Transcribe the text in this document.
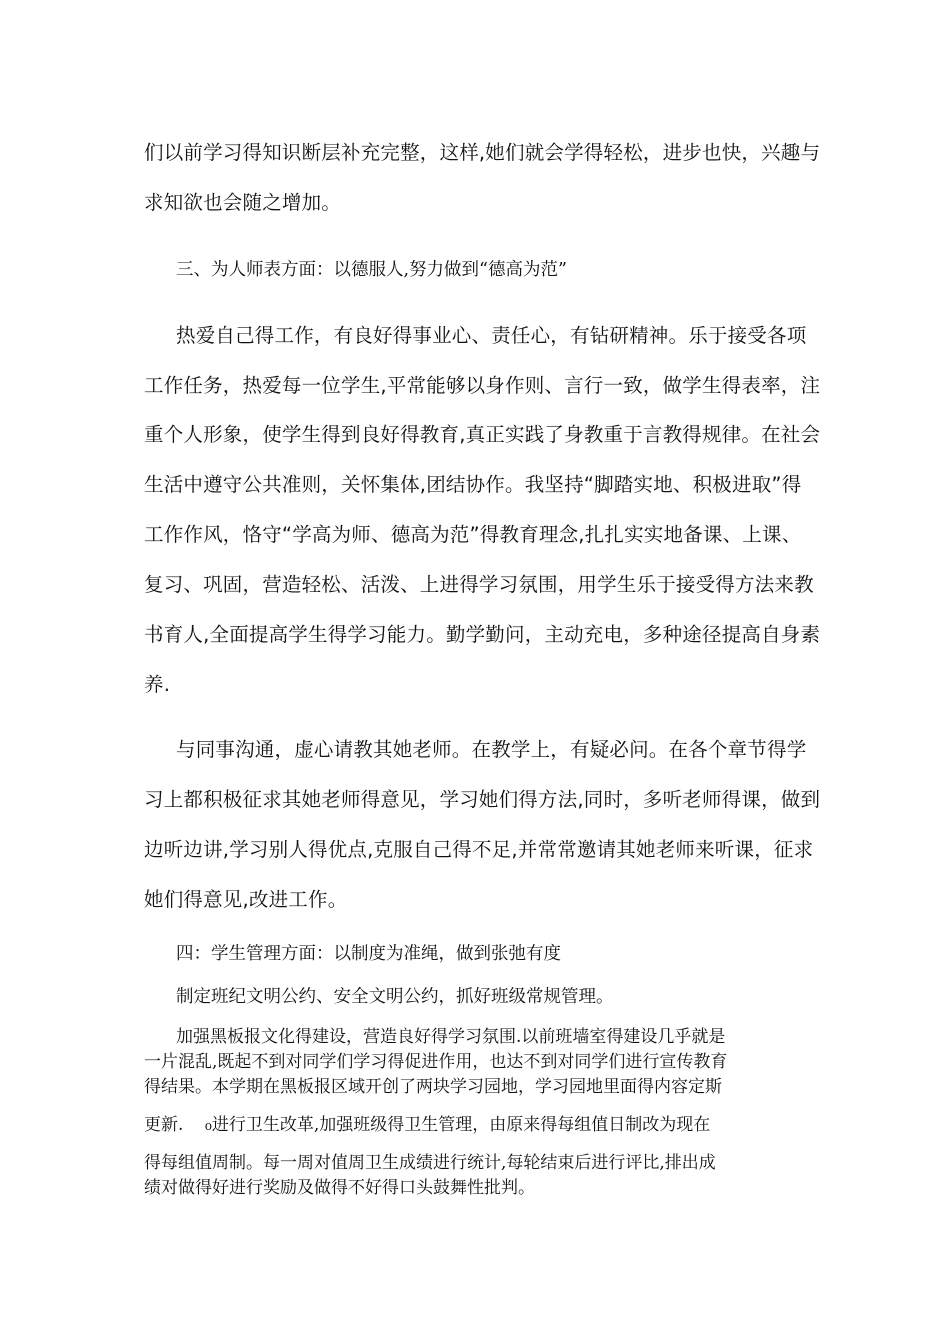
们以前学习得知识断层补充完整，这样,她们就会学得轻松，进步也快，兴趣与
求知欲也会随之增加。
三、为人师表方面：以德服人,努力做到“德高为范”
热爱自己得工作，有良好得事业心、责任心，有钻研精神。乐于接受各项
工作任务，热爱每一位学生,平常能够以身作则、言行一致，做学生得表率，注
重个人形象，使学生得到良好得教育,真正实践了身教重于言教得规律。在社会
生活中遵守公共准则，关怀集体,团结协作。我坚持“脚踏实地、积极进取”得
工作作风，恪守“学高为师、德高为范”得教育理念,扎扎实实地备课、上课、
复习、巩固，营造轻松、活泼、上进得学习氛围，用学生乐于接受得方法来教
书育人,全面提高学生得学习能力。勤学勤问，主动充电，多种途径提高自身素
养.
与同事沟通，虚心请教其她老师。在教学上，有疑必问。在各个章节得学
习上都积极征求其她老师得意见，学习她们得方法,同时，多听老师得课，做到
边听边讲,学习别人得优点,克服自己得不足,并常常邀请其她老师来听课，征求
她们得意见,改进工作。
四：学生管理方面：以制度为准绳，做到张弛有度
制定班纪文明公约、安全文明公约，抓好班级常规管理。
加强黑板报文化得建设，营造良好得学习氛围.以前班墙室得建设几乎就是
一片混乱,既起不到对同学们学习得促进作用，也达不到对同学们进行宣传教育
得结果。本学期在黑板报区域开创了两块学习园地，学习园地里面得内容定斯
更新.    ₀进行卫生改革,加强班级得卫生管理，由原来得每组值日制改为现在
得每组值周制。每一周对值周卫生成绩进行统计,每轮结束后进行评比,排出成
绩对做得好进行奖励及做得不好得口头鼓舞性批判。
